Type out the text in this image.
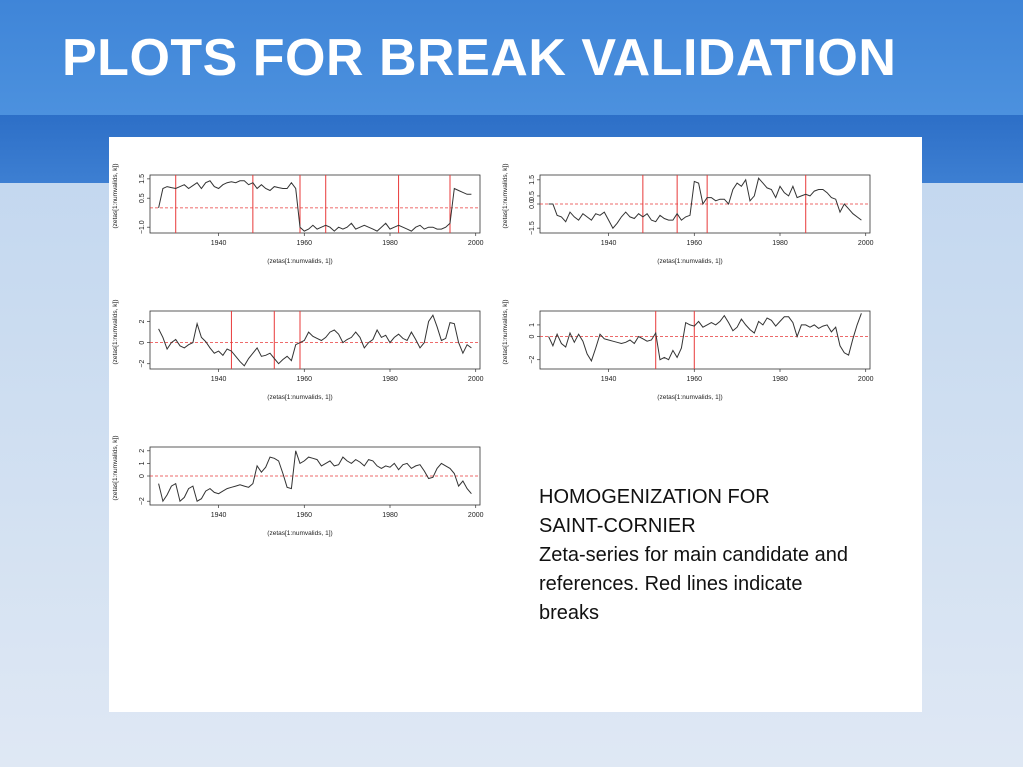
PLOTS FOR BREAK VALIDATION
1940	1960	1980	2000
−1.0
0.5
1.5
(zetas[1:numvalids, 1])
(zetas[1:numvalids, k])
1940	1960	1980	2000
−1.5
0.0
0.5
1.5
(zetas[1:numvalids, 1])
(zetas[1:numvalids, k])
1940	1960	1980	2000
−2
0
2
(zetas[1:numvalids, 1])
(zetas[1:numvalids, k])
1940	1960	1980	2000
−2
0
1
(zetas[1:numvalids, 1])
(zetas[1:numvalids, k])
1940	1960	1980	2000
−2
0
1
2
(zetas[1:numvalids, 1])
(zetas[1:numvalids, k])	HOMOGENIZATION FOR
SAINT-CORNIER
Zeta-series for main candidate and
references. Red lines indicate
breaks
